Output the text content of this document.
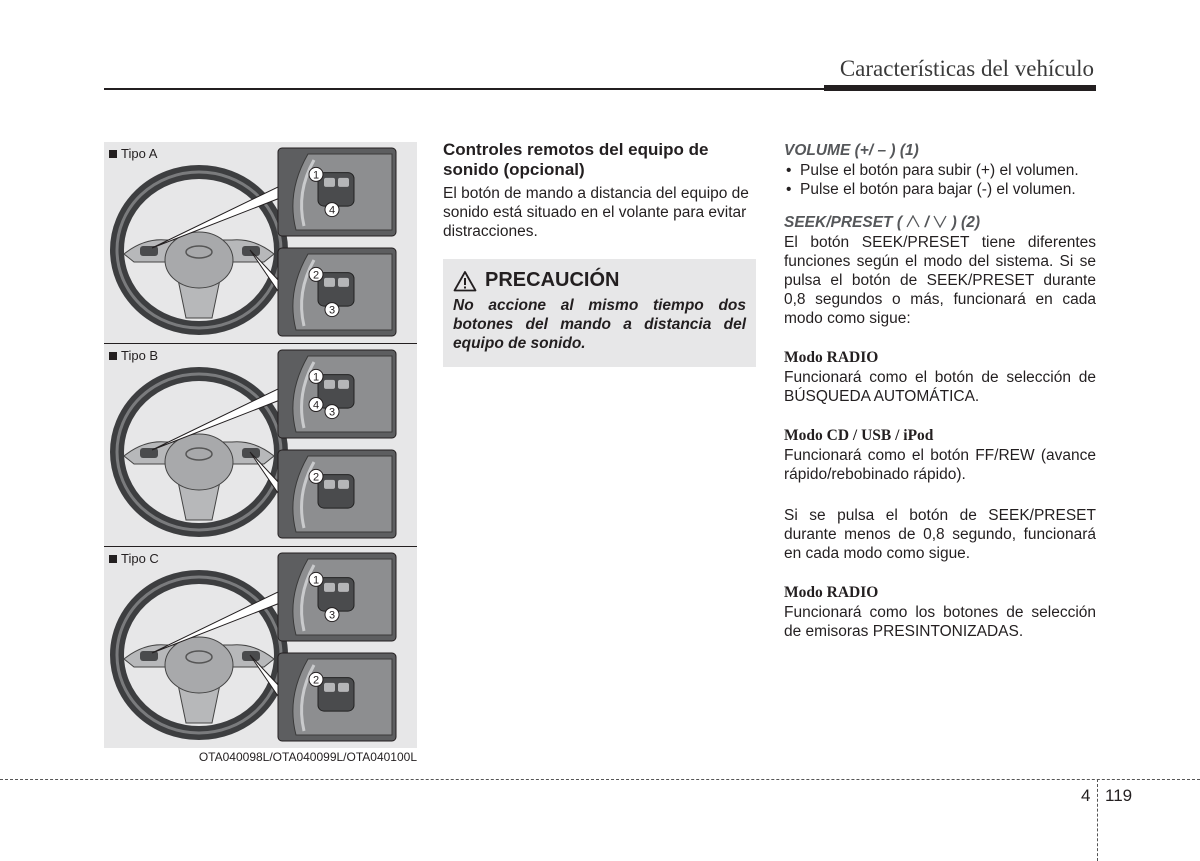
Características del vehículo
1
4
2
3
Tipo A
1
3
4
2
Tipo B
1
3
2
Tipo C
OTA040098L/OTA040099L/OTA040100L
Controles remotos del equipo de sonido (opcional)

El botón de mando a distancia del equipo de sonido está situado en el volante para evitar distracciones.

PRECAUCIÓN
No accione al mismo tiempo dos botones del mando a distancia del equipo de sonido.

VOLUME (+/ – ) (1)

• Pulse el botón para subir (+) el volumen.
• Pulse el botón para bajar (-) el volumen.

SEEK/PRESET ( / ) (2)

El botón SEEK/PRESET tiene diferentes funciones según el modo del sistema. Si se pulsa el botón de SEEK/PRESET durante 0,8 segundos o más, funcionará en cada modo como sigue:

Modo RADIO

Funcionará como el botón de selección de BÚSQUEDA AUTOMÁTICA.

Modo CD / USB / iPod

Funcionará como el botón FF/REW (avance rápido/rebobinado rápido).

Si se pulsa el botón de SEEK/PRESET durante menos de 0,8 segundo, funcionará en cada modo como sigue.

Modo RADIO

Funcionará como los botones de selección de emisoras PRESINTONIZADAS.

4 119
